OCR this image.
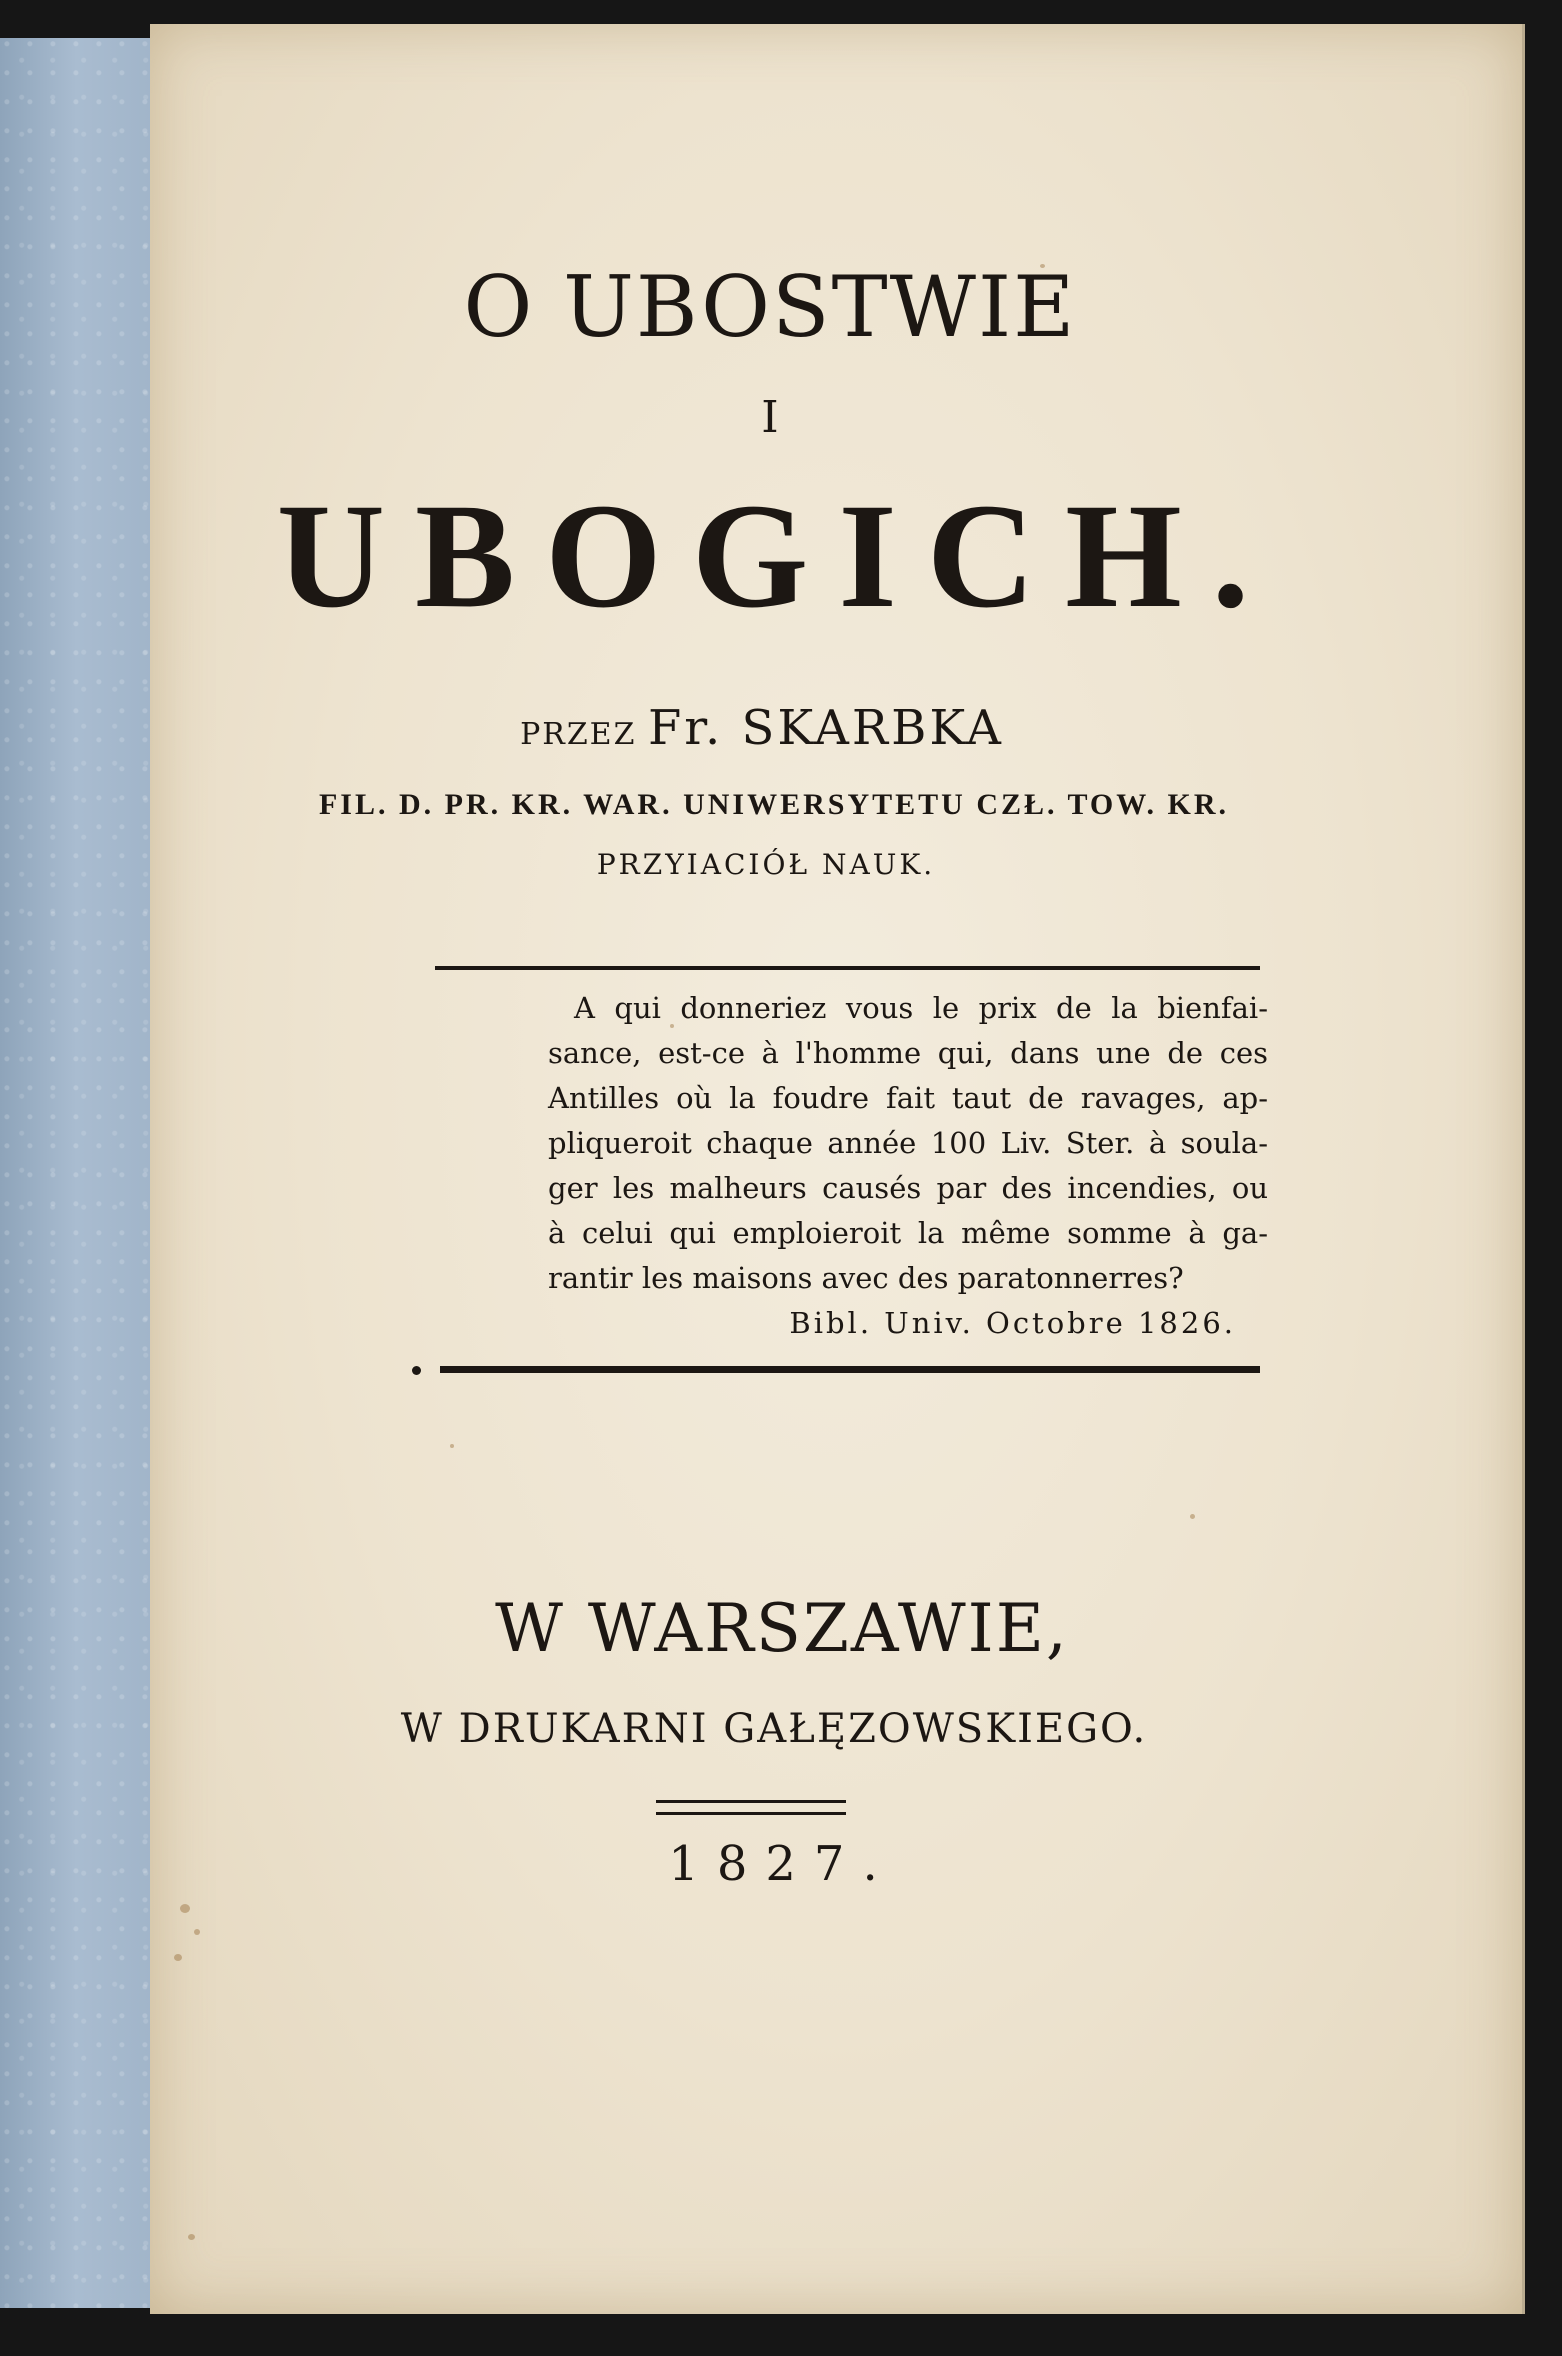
O UBOSTWIE
I
UBOGICH.
PRZEZ Fr. SKARBKA
FIL. D. PR. KR. WAR. UNIWERSYTETU CZŁ. TOW. KR.
PRZYIACIÓŁ NAUK.
A qui donneriez vous le prix de la bienfai-
sance, est-ce à l'homme qui, dans une de ces
Antilles où la foudre fait taut de ravages, ap-
pliqueroit chaque année 100 Liv. Ster. à soula-
ger les malheurs causés par des incendies, ou
à celui qui emploieroit la même somme à ga-
rantir les maisons avec des paratonnerres?
Bibl. Univ. Octobre 1826.
W WARSZAWIE,
W DRUKARNI GAŁĘZOWSKIEGO.
1827.
